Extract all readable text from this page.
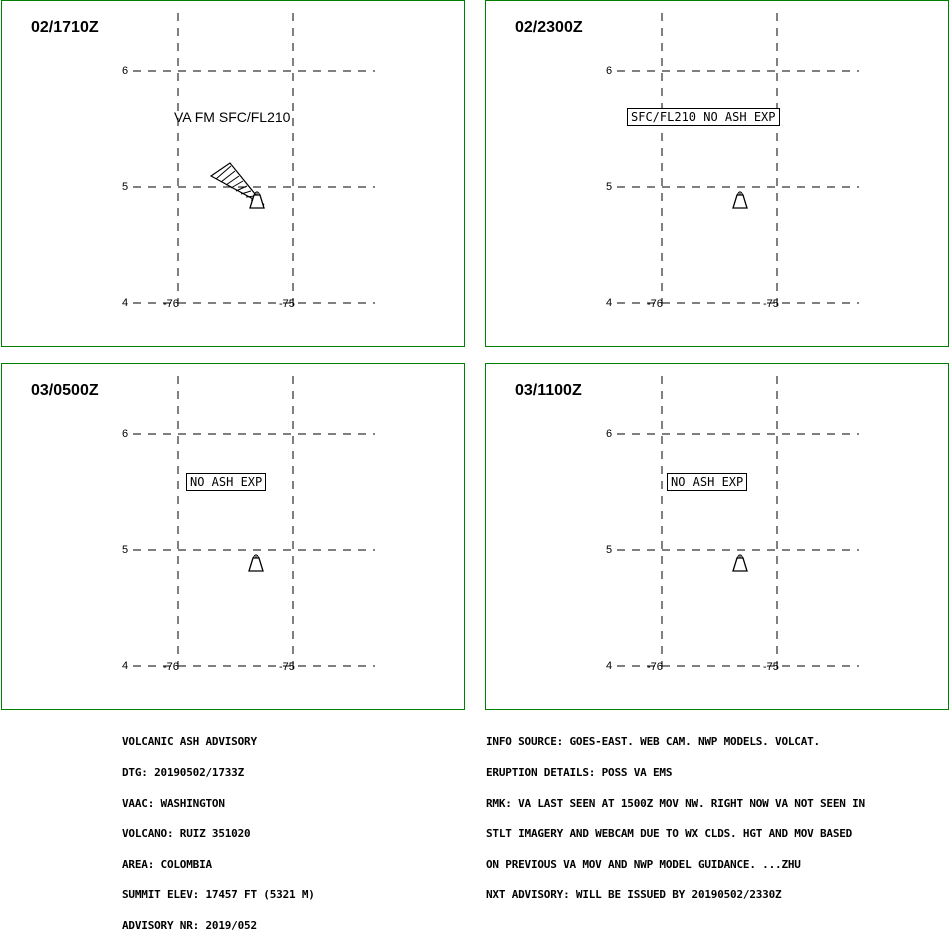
02/1710Z
6
5
4	-76	-75
VA FM SFC/FL210
02/2300Z
6
5
4	-76	-75
SFC/FL210 NO ASH EXP
03/0500Z
6
5
4	-76	-75
NO ASH EXP
03/1100Z
6
5
4	-76	-75
NO ASH EXP

VOLCANIC ASH ADVISORY

DTG: 20190502/1733Z

VAAC: WASHINGTON

VOLCANO: RUIZ 351020

AREA: COLOMBIA

SUMMIT ELEV: 17457 FT (5321 M)

ADVISORY NR: 2019/052

INFO SOURCE: GOES-EAST. WEB CAM. NWP MODELS. VOLCAT.

ERUPTION DETAILS: POSS VA EMS

RMK: VA LAST SEEN AT 1500Z MOV NW. RIGHT NOW VA NOT SEEN IN

STLT IMAGERY AND WEBCAM DUE TO WX CLDS. HGT AND MOV BASED

ON PREVIOUS VA MOV AND NWP MODEL GUIDANCE. ...ZHU

NXT ADVISORY: WILL BE ISSUED BY 20190502/2330Z
